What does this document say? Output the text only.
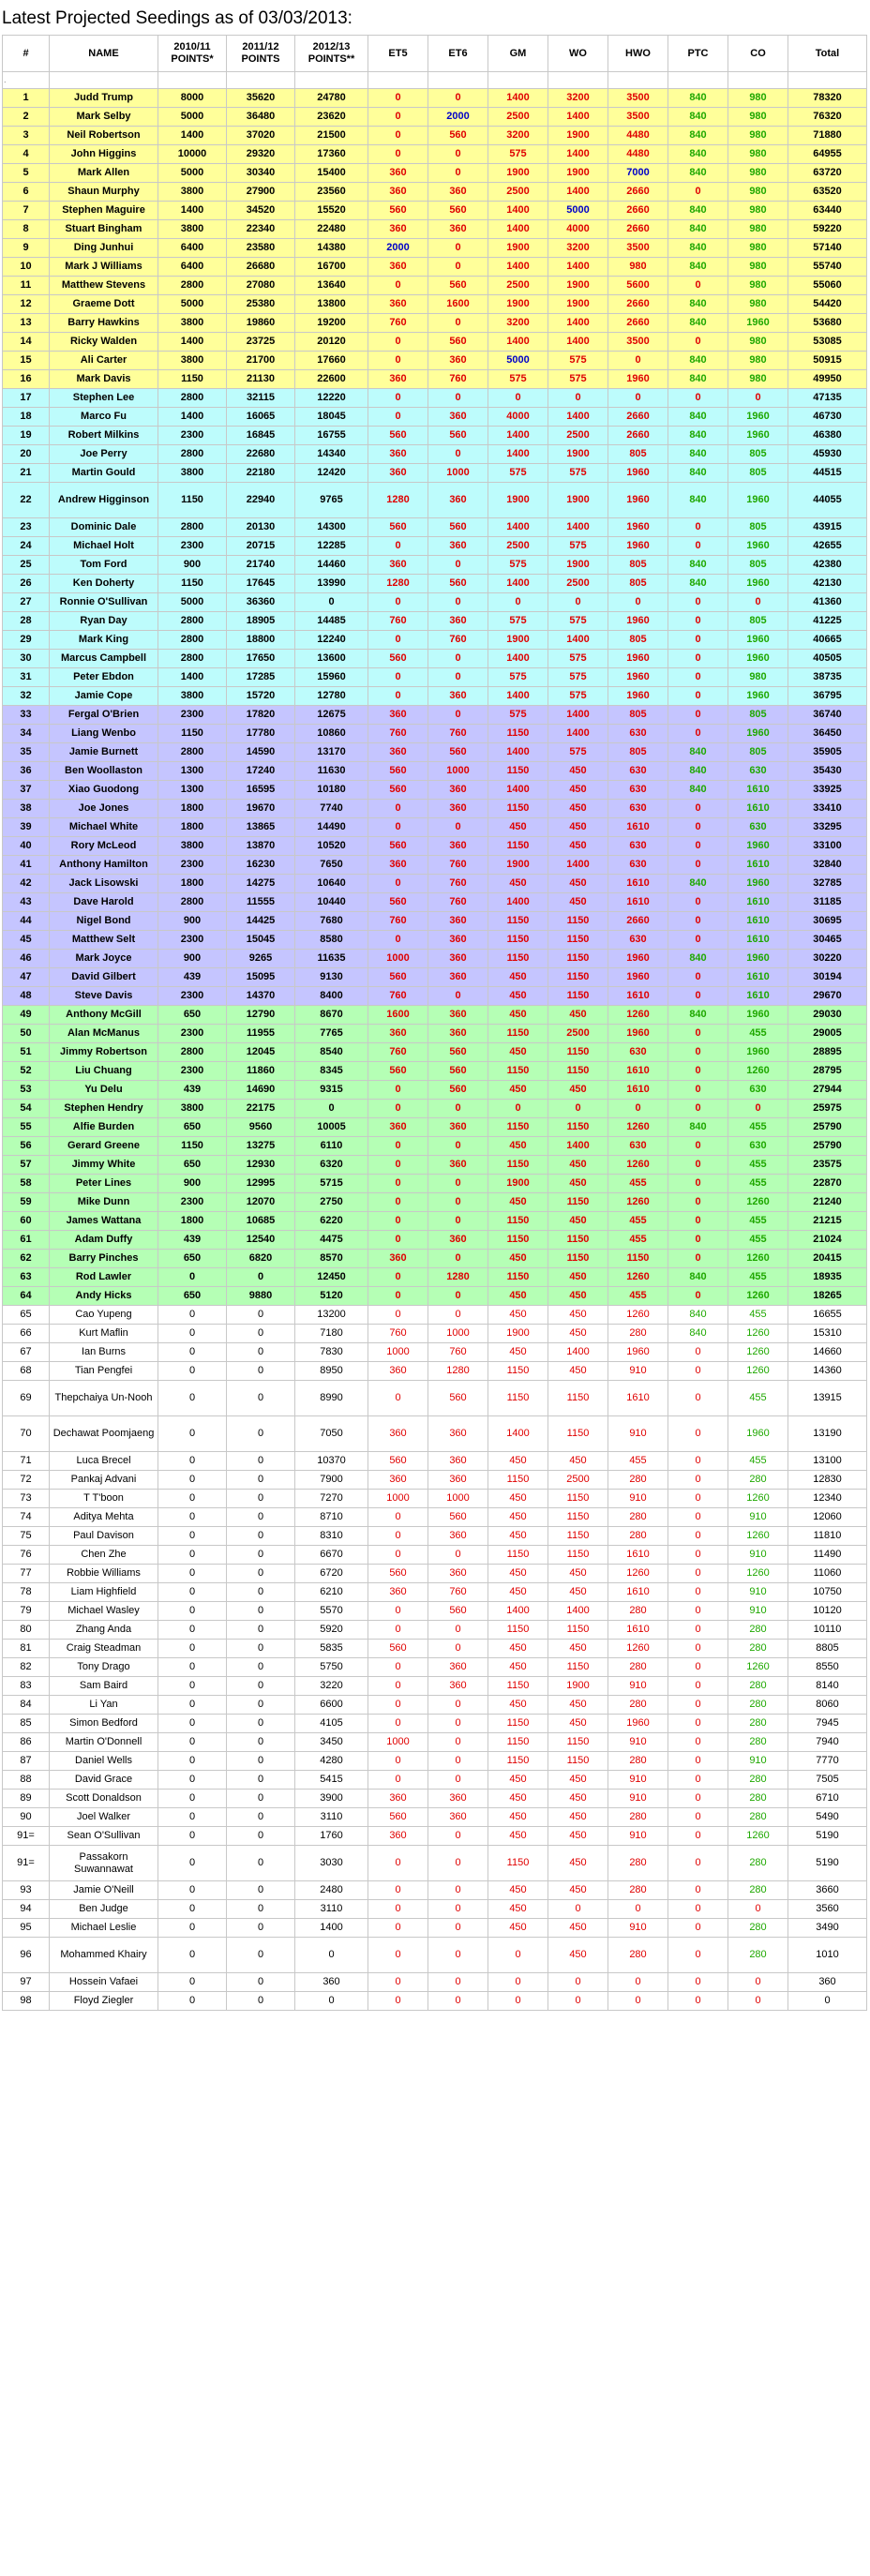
Latest Projected Seedings as of 03/03/2013:
#	NAME	2010/11 POINTS*	2011/12 POINTS	2012/13 POINTS**	ET5	ET6	GM	WO	HWO	PTC	CO	Total
.												
1	Judd Trump	8000	35620	24780	0	0	1400	3200	3500	840	980	78320
2	Mark Selby	5000	36480	23620	0	2000	2500	1400	3500	840	980	76320
3	Neil Robertson	1400	37020	21500	0	560	3200	1900	4480	840	980	71880
4	John Higgins	10000	29320	17360	0	0	575	1400	4480	840	980	64955
5	Mark Allen	5000	30340	15400	360	0	1900	1900	7000	840	980	63720
6	Shaun Murphy	3800	27900	23560	360	360	2500	1400	2660	0	980	63520
7	Stephen Maguire	1400	34520	15520	560	560	1400	5000	2660	840	980	63440
8	Stuart Bingham	3800	22340	22480	360	360	1400	4000	2660	840	980	59220
9	Ding Junhui	6400	23580	14380	2000	0	1900	3200	3500	840	980	57140
10	Mark J Williams	6400	26680	16700	360	0	1400	1400	980	840	980	55740
11	Matthew Stevens	2800	27080	13640	0	560	2500	1900	5600	0	980	55060
12	Graeme Dott	5000	25380	13800	360	1600	1900	1900	2660	840	980	54420
13	Barry Hawkins	3800	19860	19200	760	0	3200	1400	2660	840	1960	53680
14	Ricky Walden	1400	23725	20120	0	560	1400	1400	3500	0	980	53085
15	Ali Carter	3800	21700	17660	0	360	5000	575	0	840	980	50915
16	Mark Davis	1150	21130	22600	360	760	575	575	1960	840	980	49950
17	Stephen Lee	2800	32115	12220	0	0	0	0	0	0	0	47135
18	Marco Fu	1400	16065	18045	0	360	4000	1400	2660	840	1960	46730
19	Robert Milkins	2300	16845	16755	560	560	1400	2500	2660	840	1960	46380
20	Joe Perry	2800	22680	14340	360	0	1400	1900	805	840	805	45930
21	Martin Gould	3800	22180	12420	360	1000	575	575	1960	840	805	44515
22	Andrew Higginson	1150	22940	9765	1280	360	1900	1900	1960	840	1960	44055
23	Dominic Dale	2800	20130	14300	560	560	1400	1400	1960	0	805	43915
24	Michael Holt	2300	20715	12285	0	360	2500	575	1960	0	1960	42655
25	Tom Ford	900	21740	14460	360	0	575	1900	805	840	805	42380
26	Ken Doherty	1150	17645	13990	1280	560	1400	2500	805	840	1960	42130
27	Ronnie O'Sullivan	5000	36360	0	0	0	0	0	0	0	0	41360
28	Ryan Day	2800	18905	14485	760	360	575	575	1960	0	805	41225
29	Mark King	2800	18800	12240	0	760	1900	1400	805	0	1960	40665
30	Marcus Campbell	2800	17650	13600	560	0	1400	575	1960	0	1960	40505
31	Peter Ebdon	1400	17285	15960	0	0	575	575	1960	0	980	38735
32	Jamie Cope	3800	15720	12780	0	360	1400	575	1960	0	1960	36795
33	Fergal O'Brien	2300	17820	12675	360	0	575	1400	805	0	805	36740
34	Liang Wenbo	1150	17780	10860	760	760	1150	1400	630	0	1960	36450
35	Jamie Burnett	2800	14590	13170	360	560	1400	575	805	840	805	35905
36	Ben Woollaston	1300	17240	11630	560	1000	1150	450	630	840	630	35430
37	Xiao Guodong	1300	16595	10180	560	360	1400	450	630	840	1610	33925
38	Joe Jones	1800	19670	7740	0	360	1150	450	630	0	1610	33410
39	Michael White	1800	13865	14490	0	0	450	450	1610	0	630	33295
40	Rory McLeod	3800	13870	10520	560	360	1150	450	630	0	1960	33100
41	Anthony Hamilton	2300	16230	7650	360	760	1900	1400	630	0	1610	32840
42	Jack Lisowski	1800	14275	10640	0	760	450	450	1610	840	1960	32785
43	Dave Harold	2800	11555	10440	560	760	1400	450	1610	0	1610	31185
44	Nigel Bond	900	14425	7680	760	360	1150	1150	2660	0	1610	30695
45	Matthew Selt	2300	15045	8580	0	360	1150	1150	630	0	1610	30465
46	Mark Joyce	900	9265	11635	1000	360	1150	1150	1960	840	1960	30220
47	David Gilbert	439	15095	9130	560	360	450	1150	1960	0	1610	30194
48	Steve Davis	2300	14370	8400	760	0	450	1150	1610	0	1610	29670
49	Anthony McGill	650	12790	8670	1600	360	450	450	1260	840	1960	29030
50	Alan McManus	2300	11955	7765	360	360	1150	2500	1960	0	455	29005
51	Jimmy Robertson	2800	12045	8540	760	560	450	1150	630	0	1960	28895
52	Liu Chuang	2300	11860	8345	560	560	1150	1150	1610	0	1260	28795
53	Yu Delu	439	14690	9315	0	560	450	450	1610	0	630	27944
54	Stephen Hendry	3800	22175	0	0	0	0	0	0	0	0	25975
55	Alfie Burden	650	9560	10005	360	360	1150	1150	1260	840	455	25790
56	Gerard Greene	1150	13275	6110	0	0	450	1400	630	0	630	25790
57	Jimmy White	650	12930	6320	0	360	1150	450	1260	0	455	23575
58	Peter Lines	900	12995	5715	0	0	1900	450	455	0	455	22870
59	Mike Dunn	2300	12070	2750	0	0	450	1150	1260	0	1260	21240
60	James Wattana	1800	10685	6220	0	0	1150	450	455	0	455	21215
61	Adam Duffy	439	12540	4475	0	360	1150	1150	455	0	455	21024
62	Barry Pinches	650	6820	8570	360	0	450	1150	1150	0	1260	20415
63	Rod Lawler	0	0	12450	0	1280	1150	450	1260	840	455	18935
64	Andy Hicks	650	9880	5120	0	0	450	450	455	0	1260	18265
65	Cao Yupeng	0	0	13200	0	0	450	450	1260	840	455	16655
66	Kurt Maflin	0	0	7180	760	1000	1900	450	280	840	1260	15310
67	Ian Burns	0	0	7830	1000	760	450	1400	1960	0	1260	14660
68	Tian Pengfei	0	0	8950	360	1280	1150	450	910	0	1260	14360
69	Thepchaiya Un-Nooh	0	0	8990	0	560	1150	1150	1610	0	455	13915
70	Dechawat Poomjaeng	0	0	7050	360	360	1400	1150	910	0	1960	13190
71	Luca Brecel	0	0	10370	560	360	450	450	455	0	455	13100
72	Pankaj Advani	0	0	7900	360	360	1150	2500	280	0	280	12830
73	T T'boon	0	0	7270	1000	1000	450	1150	910	0	1260	12340
74	Aditya Mehta	0	0	8710	0	560	450	1150	280	0	910	12060
75	Paul Davison	0	0	8310	0	360	450	1150	280	0	1260	11810
76	Chen Zhe	0	0	6670	0	0	1150	1150	1610	0	910	11490
77	Robbie Williams	0	0	6720	560	360	450	450	1260	0	1260	11060
78	Liam Highfield	0	0	6210	360	760	450	450	1610	0	910	10750
79	Michael Wasley	0	0	5570	0	560	1400	1400	280	0	910	10120
80	Zhang Anda	0	0	5920	0	0	1150	1150	1610	0	280	10110
81	Craig Steadman	0	0	5835	560	0	450	450	1260	0	280	8805
82	Tony Drago	0	0	5750	0	360	450	1150	280	0	1260	8550
83	Sam Baird	0	0	3220	0	360	1150	1900	910	0	280	8140
84	Li Yan	0	0	6600	0	0	450	450	280	0	280	8060
85	Simon Bedford	0	0	4105	0	0	1150	450	1960	0	280	7945
86	Martin O'Donnell	0	0	3450	1000	0	1150	1150	910	0	280	7940
87	Daniel Wells	0	0	4280	0	0	1150	1150	280	0	910	7770
88	David Grace	0	0	5415	0	0	450	450	910	0	280	7505
89	Scott Donaldson	0	0	3900	360	360	450	450	910	0	280	6710
90	Joel Walker	0	0	3110	560	360	450	450	280	0	280	5490
91=	Sean O'Sullivan	0	0	1760	360	0	450	450	910	0	1260	5190
91=	Passakorn Suwannawat	0	0	3030	0	0	1150	450	280	0	280	5190
93	Jamie O'Neill	0	0	2480	0	0	450	450	280	0	280	3660
94	Ben Judge	0	0	3110	0	0	450	0	0	0	0	3560
95	Michael Leslie	0	0	1400	0	0	450	450	910	0	280	3490
96	Mohammed Khairy	0	0	0	0	0	0	450	280	0	280	1010
97	Hossein Vafaei	0	0	360	0	0	0	0	0	0	0	360
98	Floyd Ziegler	0	0	0	0	0	0	0	0	0	0	0
